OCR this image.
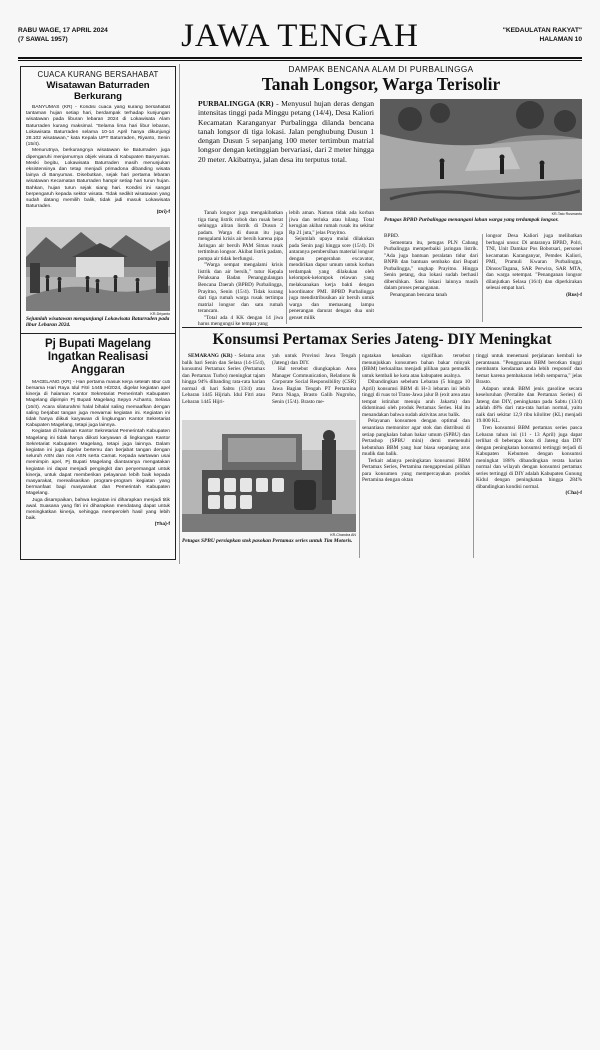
RABU WAGE, 17 APRIL 2024
(7 SAWAL 1957)	JAWA TENGAH	"KEDAULATAN RAKYAT"
HALAMAN 10
CUACA KURANG BERSAHABAT
Wisatawan Baturraden Berkurang

BANYUMAS (KR) - Kondisi cuaca yang kurang bersahabat tantaman hujan setiap hari, berdampak terhadap kunjungan wisatawan pada liburan lebaran 2024 di Lokawisata Alam Baturraden kurang maksimal. "Selama lima hari libur lebaran, Lokawisata Baturraden selama 10-14 April hanya dikunjungi 28.102 wisatawan," kata Kepala UPT Baturraden, Riyanto, Senin (15/4).

Menurutnya, berkurangnya wisatawan ke Baturraden juga dipengaruhi menjamurnya objek wisata di Kabupaten Banyumas. Meski begitu, Lokawisata Baturraden masih menunjukan eksistensinya dan tetap menjadi primadona dibanding wisata lainya di Banyumas. Disebutkan, sejak hari pertama lebaran wisatawan Kecamatan Baturraden hampir setiap hari turun hujan. Bahkan, hujan turun sejak siang hari. Kondisi ini sangat berpengaruh kepada sektor wisata. Tidak sedikit wisatawan yang sudah datang memilih balik, tidak jadi masuk Lokawisata Baturraden.

(Dri)-f
KR-Driyanto
Sejumlah wisatawan mengunjungi Lokawisata Baturraden pada libur Lebaran 2024.
Pj Bupati Magelang
Ingatkan Realisasi Anggaran

MAGELANG (KR) - Hari pertama masuk kerja setelah libur cuti bersama Hari Raya Idul Fitri 1445 H/2024, digelar kegiatan apel kinerja di halaman Kantor Sekretariat Pemerintah Kabupaten Magelang dipimpin Pj Bupati Magelang Sepyo Achanto, Selasa (16/4). Acara silaturahmi halal bihalal saling memaafkan dengan saling berjabat tangan juga mewarnai kegiatan ini. Kegiatan ini tidak hanya diikuti karyawan di lingkungan Kantor Sekretariat Kabupaten Magelang, tetapi juga lainnya.

Kegiatan di halaman Kantor Sekretariat Pemerintah Kabupaten Magelang ini tidak hanya diikuti karyawan di lingkungan Kantor Sekretariat Kabupaten Magelang, tetapi juga lainnya. Dalam kegiatan ini juga digelar bertemu dan berjabat tangan dengan seluruh ASN dan non ASN serta Camat. Kepada wartawan usai memimpin apel, Pj Bupati Magelang diantaranya mengatakan kegiatan ini dapat menjadi pengingkit dan penyemangat untuk kinerja, untuk dapat memberikan pelayanan lebih baik kepada masyarakat, merealisasikan program-program kegiatan yang bermanfaat bagi masyarakat dan Pemerintah Kabupaten Magelang.

Juga disampaikan, bahwa kegiatan ini diharapkan menjadi titik awal. Suasana yang fitri ini diharapkan mendatang dapat untuk meningkatkan kinerja, sehingga memperoleh hasil yang lebih baik.

(Tha)-f
DAMPAK BENCANA ALAM DI PURBALINGGA
Tanah Longsor, Warga Terisolir
PURBALINGGA (KR) - Menyusul hujan deras dengan intensitas tinggi pada Minggu petang (14/4), Desa Kaliori Kecamatan Karanganyar Purbalingga dilanda bencana tanah longsor di tiga lokasi. Jalan penghubung Dusun 1 dengan Dusun 5 sepanjang 100 meter tertimbun matrial longsor dengan ketinggian bervariasi, dari 2 meter hingga 20 meter. Akibatnya, jalan desa itu terputus total.

Tanah longsor juga mengakibatkan tiga tiang listrik roboh dan rusak berat sehingga aliran listrik di Dusun 2 padam. Warga di dusun itu juga mengalami krisis air bersih karena pipa Jaringan air bersih PAM Simas rusak tertimbun longsor. Akibat listrik padam, pompa air tidak berfungsi.

"Warga sempat mengalami krisis listrik dan air bersih," tutur Kepala Pelaksana Badan Penanggulangan Bencana Daerah (BPBD) Purbalingga, Prayitno, Senin (15/4). Tidak kurang dari tiga rumah warga rusak tertimpa matrial longsor dan satu rumah terancam.

"Total ada 4 KK dengan 14 jiwa harus mengungsi ke tempat yang

lebih aman. Namun tidak ada korban jiwa dan terluka atau hilang. Total kerugian akibat rumah rusak itu sekitar Rp 21 juta," jelas Prayitno.

Sejumlah upaya mulai dilakukan pada Senin pagi hingga sore (15/4). Di antaranya pembersihan material longsor dengan pengerahan excavator, mendirikan dapur umum untuk korban terdampak yang dilakukan oleh kelompok-kelompok relawan yang melaksanakan kerja bakti dengan koordinator PMI. BPBD Purbalingga juga mendistribusikan air bersih untuk warga dan memasang lampu penerangan darurat dengan dua unit genset milik

KR-Tato Rusmanto
Petugas BPBD Purbalingga menangani lahan warga yang terdampak longsor.

BPBD.

Sementara itu, petugas PLN Cabang Purbalingga memperbaiki jaringan listrik. "Ada juga bantuan peralatan tidur dari BNPB dan bantuan sembako dari Bupati Purbalingga," ungkap Prayitno. Hingga Senin petang, dua lokasi sudah berhasil dibersihkan. Satu lokasi lainnya masih dalam proses penanganan.

Penanganan bencana tanah

longsor Desa Kaliori juga melibatkan berbagai unsur. Di antaranya BPBD, Polri, TNI, Unit Damkar Pos Bobotsari, personel kecamatan Karanganyar, Pemdes Kaliori, PMI, Pramuli Kwaran Purbalingga, Dinsos/Tagana, SAR Perwira, SAR MTA, dan warga setempat. "Penanganan longsor dilanjutkan Selasa (16/4) dan diperkirakan selesai empat hari.

(Rus)-f
Konsumsi Pertamax Series Jateng- DIY Meningkat

SEMARANG (KR) - Selama arus balik hari Senin dan Selasa (14-15/4), konsumsi Pertamax Series (Pertamax dan Pertamax Turbo) meningkat tajam hingga 94% dibanding rata-rata harian normal di hari Sabtu (13/4) atau Lebaran 1445 Hijriah. Idul Fitri atau Lebaran 1445 Hijri-

yah untuk Provinsi Jawa Tengah (Jateng) dan DIY.

Hal tersebut diungkapkan Area Manager Communication, Relations & Corporate Social Responsibility (CSR) Jawa Bagian Tengah PT Pertamina Patra Niaga, Brasto Galih Nugroho, Senin (15/4). Brasto me-

KR-Chandra AN
Petugas SPBU persiapkan stok pasokan Pertamax series untuk Tim Motoris.

ngatakan kenaikan signifikan tersebut menunjukkan konsumen bahan bakar minyak (BBM) berkualitas menjadi pilihan para pemudik untuk kembali ke kota atau kabupaten asalnya.

Dibandingkan sebelum Lebaran (5 hingga 10 April) konsumsi BBM di H+3 lebaran ini lebih tinggi di ruas tol Trans-Jawa jalur B (exit area atau tempat istirahat menuju arah Jakarta) dan didominasi oleh produk Pertamax Series. Hal itu menandakan bahwa sudah aktivitas arus balik.

Pelayanan konsumen dengan optimal dan senantiasa memonitor agar stok dan distribusi di setiap pangkalan bahan bakar umum (SPBU) dan Pertashop (SPBU mini) demi memenuhi kebutuhan BBM yang luar biasa sepanjang arus mudik dan balik.

Terkait adanya peningkatan konsumsi BBM Pertamax Series, Pertamina mengapresiasi pilihan para konsumen yang mempercayakan produk Pertamina dengan oktan

tinggi untuk menemani perjalanan kembali ke perantauan. "Penggunaan BBM berotkan tinggi membantu kendaraan anda lebih responsif dan hemat karena pembakaran lebih sempurna," jelas Brasto.

Adapun untuk BBM jenis gasoline secara keseluruhan (Pertalite dan Pertamax Series) di Jateng dan DIY, peningkatan pada Sabtu (13/4) adalah 48% dari rata-rata harian normal, yaitu naik dari sekitar 12,9 ribu kiloliter (KL) menjadi 19.000 KL.

Tren konsumsi BBM pertamax series pasca Lebaran tahun ini (11 - 13 April) juga dapat terlihat di beberapa kota di Jateng dan DIY dengan peningkatan konsumsi tertinggi terjadi di Kabupaten Kebumen dengan konsumsi meningkat 188% dibandingkan rerata harian normal dan wilayah dengan konsumsi pertamax series tertinggi di DIY adalah Kabupaten Gunung Kidul dengan peningkatan hingga 284% dibandingkan kondisi normal.

(Cha)-f
